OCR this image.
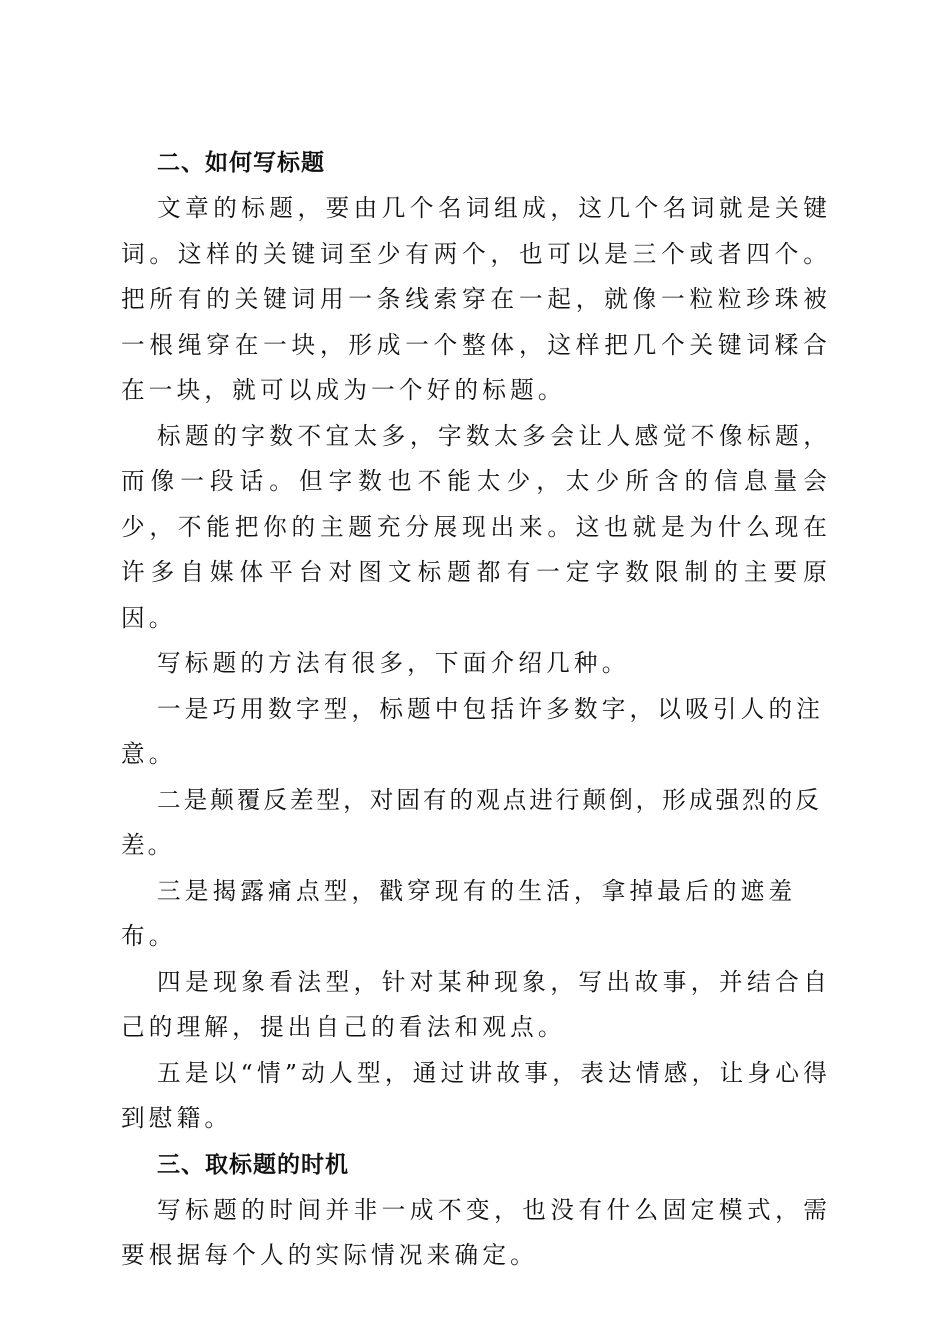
二、如何写标题

文章的标题，要由几个名词组成，这几个名词就是关键词。这样的关键词至少有两个，也可以是三个或者四个。把所有的关键词用一条线索穿在一起，就像一粒粒珍珠被一根绳穿在一块，形成一个整体，这样把几个关键词糅合在一块，就可以成为一个好的标题。

标题的字数不宜太多，字数太多会让人感觉不像标题，而像一段话。但字数也不能太少，太少所含的信息量会少，不能把你的主题充分展现出来。这也就是为什么现在许多自媒体平台对图文标题都有一定字数限制的主要原因。

写标题的方法有很多，下面介绍几种。

一是巧用数字型，标题中包括许多数字，以吸引人的注意。

二是颠覆反差型，对固有的观点进行颠倒，形成强烈的反差。

三是揭露痛点型，戳穿现有的生活，拿掉最后的遮羞布。

四是现象看法型，针对某种现象，写出故事，并结合自己的理解，提出自己的看法和观点。

五是以“情”动人型，通过讲故事，表达情感，让身心得到慰籍。

三、取标题的时机

写标题的时间并非一成不变，也没有什么固定模式，需要根据每个人的实际情况来确定。
